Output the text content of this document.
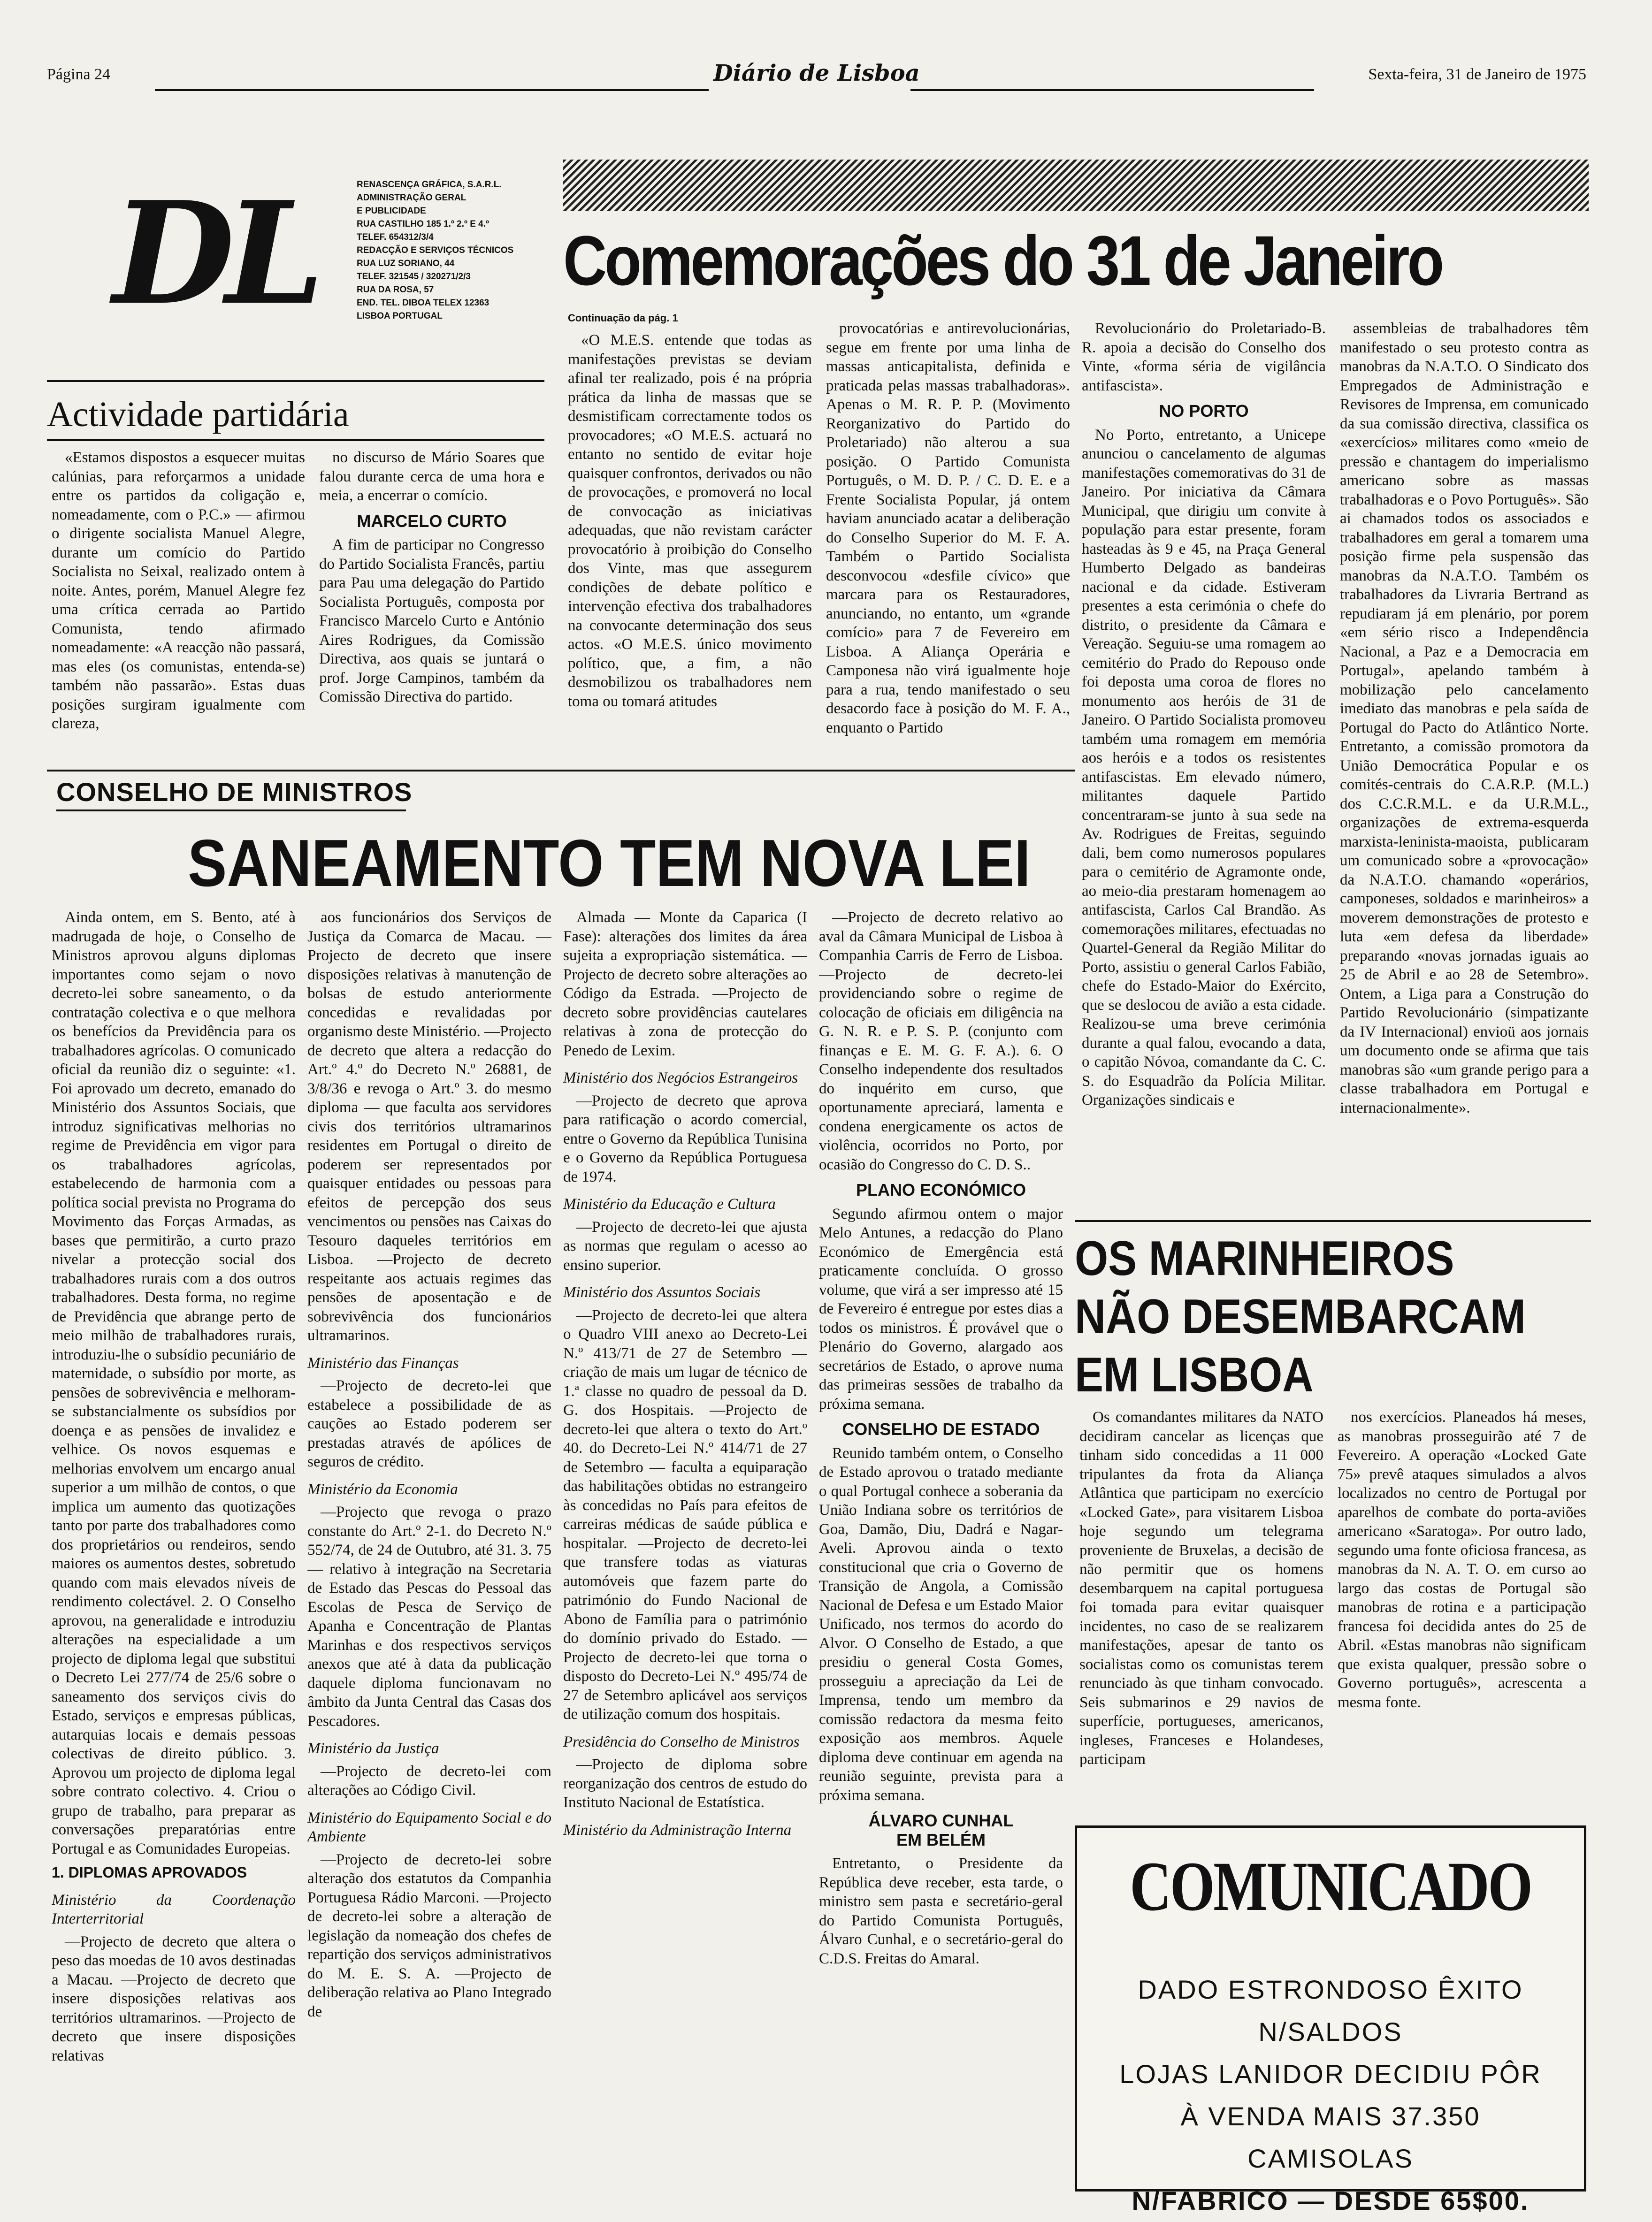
Página 24	Diário de Lisboa	Sexta-feira, 31 de Janeiro de 1975
DL	RENASCENÇA GRÁFICA, S.A.R.L.
ADMINISTRAÇÃO GERAL
E PUBLICIDADE
RUA CASTILHO 185 1.º 2.º E 4.º
TELEF. 654312/3/4
REDACÇÃO E SERVIÇOS TÉCNICOS
RUA LUZ SORIANO, 44
TELEF. 321545 / 320271/2/3
RUA DA ROSA, 57
END. TEL. DIBOA TELEX 12363
LISBOA PORTUGAL
Actividade partidária

«Estamos dispostos a esquecer muitas calúnias, para reforçarmos a unidade entre os partidos da coligação e, nomeadamente, com o P.C.» — afirmou o dirigente socialista Manuel Alegre, durante um comício do Partido Socialista no Seixal, realizado ontem à noite. Antes, porém, Manuel Alegre fez uma crítica cerrada ao Partido Comunista, tendo afirmado nomeadamente: «A reacção não passará, mas eles (os comunistas, entenda-se) também não passarão». Estas duas posições surgiram igualmente com clareza,

no discurso de Mário Soares que falou durante cerca de uma hora e meia, a encerrar o comício.

MARCELO CURTO

A fim de participar no Congresso do Partido Socialista Francês, partiu para Pau uma delegação do Partido Socialista Português, composta por Francisco Marcelo Curto e António Aires Rodrigues, da Comissão Directiva, aos quais se juntará o prof. Jorge Campinos, também da Comissão Directiva do partido.

Comemorações do 31 de Janeiro
Continuação da pág. 1

«O M.E.S. entende que todas as manifestações previstas se deviam afinal ter realizado, pois é na própria prática da linha de massas que se desmistificam correctamente todos os provocadores; «O M.E.S. actuará no entanto no sentido de evitar hoje quaisquer confrontos, derivados ou não de provocações, e promoverá no local de convocação as iniciativas adequadas, que não revistam carácter provocatório à proibição do Conselho dos Vinte, mas que assegurem condições de debate político e intervenção efectiva dos trabalhadores na convocante determinação dos seus actos. «O M.E.S. único movimento político, que, a fim, a não desmobilizou os trabalhadores nem toma ou tomará atitudes

provocatórias e antirevolucionárias, segue em frente por uma linha de massas anticapitalista, definida e praticada pelas massas trabalhadoras». Apenas o M. R. P. P. (Movimento Reorganizativo do Partido do Proletariado) não alterou a sua posição. O Partido Comunista Português, o M. D. P. / C. D. E. e a Frente Socialista Popular, já ontem haviam anunciado acatar a deliberação do Conselho Superior do M. F. A. Também o Partido Socialista desconvocou «desfile cívico» que marcara para os Restauradores, anunciando, no entanto, um «grande comício» para 7 de Fevereiro em Lisboa. A Aliança Operária e Camponesa não virá igualmente hoje para a rua, tendo manifestado o seu desacordo face à posição do M. F. A., enquanto o Partido

Revolucionário do Proletariado-B. R. apoia a decisão do Conselho dos Vinte, «forma séria de vigilância antifascista».

NO PORTO

No Porto, entretanto, a Unicepe anunciou o cancelamento de algumas manifestações comemorativas do 31 de Janeiro. Por iniciativa da Câmara Municipal, que dirigiu um convite à população para estar presente, foram hasteadas às 9 e 45, na Praça General Humberto Delgado as bandeiras nacional e da cidade. Estiveram presentes a esta cerimónia o chefe do distrito, o presidente da Câmara e Vereação. Seguiu-se uma romagem ao cemitério do Prado do Repouso onde foi deposta uma coroa de flores no monumento aos heróis de 31 de Janeiro. O Partido Socialista promoveu também uma romagem em memória aos heróis e a todos os resistentes antifascistas. Em elevado número, militantes daquele Partido concentraram-se junto à sua sede na Av. Rodrigues de Freitas, seguindo dali, bem como numerosos populares para o cemitério de Agramonte onde, ao meio-dia prestaram homenagem ao antifascista, Carlos Cal Brandão. As comemorações militares, efectuadas no Quartel-General da Região Militar do Porto, assistiu o general Carlos Fabião, chefe do Estado-Maior do Exército, que se deslocou de avião a esta cidade. Realizou-se uma breve cerimónia durante a qual falou, evocando a data, o capitão Nóvoa, comandante da C. C. S. do Esquadrão da Polícia Militar. Organizações sindicais e

assembleias de trabalhadores têm manifestado o seu protesto contra as manobras da N.A.T.O. O Sindicato dos Empregados de Administração e Revisores de Imprensa, em comunicado da sua comissão directiva, classifica os «exercícios» militares como «meio de pressão e chantagem do imperialismo americano sobre as massas trabalhadoras e o Povo Português». São ai chamados todos os associados e trabalhadores em geral a tomarem uma posição firme pela suspensão das manobras da N.A.T.O. Também os trabalhadores da Livraria Bertrand as repudiaram já em plenário, por porem «em sério risco a Independência Nacional, a Paz e a Democracia em Portugal», apelando também à mobilização pelo cancelamento imediato das manobras e pela saída de Portugal do Pacto do Atlântico Norte. Entretanto, a comissão promotora da União Democrática Popular e os comités-centrais do C.A.R.P. (M.L.) dos C.C.R.M.L. e da U.R.M.L., organizações de extrema-esquerda marxista-leninista-maoista, publicaram um comunicado sobre a «provocação» da N.A.T.O. chamando «operários, camponeses, soldados e marinheiros» a moverem demonstrações de protesto e luta «em defesa da liberdade» preparando «novas jornadas iguais ao 25 de Abril e ao 28 de Setembro». Ontem, a Liga para a Construção do Partido Revolucionário (simpatizante da IV Internacional) envioü aos jornais um documento onde se afirma que tais manobras são «um grande perigo para a classe trabalhadora em Portugal e internacionalmente».

CONSELHO DE MINISTROS
SANEAMENTO TEM NOVA LEI

Ainda ontem, em S. Bento, até à madrugada de hoje, o Conselho de Ministros aprovou alguns diplomas importantes como sejam o novo decreto-lei sobre saneamento, o da contratação colectiva e o que melhora os benefícios da Previdência para os trabalhadores agrícolas. O comunicado oficial da reunião diz o seguinte: «1. Foi aprovado um decreto, emanado do Ministério dos Assuntos Sociais, que introduz significativas melhorias no regime de Previdência em vigor para os trabalhadores agrícolas, estabelecendo de harmonia com a política social prevista no Programa do Movimento das Forças Armadas, as bases que permitirão, a curto prazo nivelar a protecção social dos trabalhadores rurais com a dos outros trabalhadores. Desta forma, no regime de Previdência que abrange perto de meio milhão de trabalhadores rurais, introduziu-lhe o subsídio pecuniário de maternidade, o subsídio por morte, as pensões de sobrevivência e melhoram-se substancialmente os subsídios por doença e as pensões de invalidez e velhice. Os novos esquemas e melhorias envolvem um encargo anual superior a um milhão de contos, o que implica um aumento das quotizações tanto por parte dos trabalhadores como dos proprietários ou rendeiros, sendo maiores os aumentos destes, sobretudo quando com mais elevados níveis de rendimento colectável. 2. O Conselho aprovou, na generalidade e introduziu alterações na especialidade a um projecto de diploma legal que substitui o Decreto Lei 277/74 de 25/6 sobre o saneamento dos serviços civis do Estado, serviços e empresas públicas, autarquias locais e demais pessoas colectivas de direito público. 3. Aprovou um projecto de diploma legal sobre contrato colectivo. 4. Criou o grupo de trabalho, para preparar as conversações preparatórias entre Portugal e as Comunidades Europeias.

1. DIPLOMAS APROVADOS

Ministério da Coordenação Interterritorial

—Projecto de decreto que altera o peso das moedas de 10 avos destinadas a Macau. —Projecto de decreto que insere disposições relativas aos territórios ultramarinos. —Projecto de decreto que insere disposições relativas

aos funcionários dos Serviços de Justiça da Comarca de Macau. —Projecto de decreto que insere disposições relativas à manutenção de bolsas de estudo anteriormente concedidas e revalidadas por organismo deste Ministério. —Projecto de decreto que altera a redacção do Art.º 4.º do Decreto N.º 26881, de 3/8/36 e revoga o Art.º 3. do mesmo diploma — que faculta aos servidores civis dos territórios ultramarinos residentes em Portugal o direito de poderem ser representados por quaisquer entidades ou pessoas para efeitos de percepção dos seus vencimentos ou pensões nas Caixas do Tesouro daqueles territórios em Lisboa. —Projecto de decreto respeitante aos actuais regimes das pensões de aposentação e de sobrevivência dos funcionários ultramarinos.

Ministério das Finanças

—Projecto de decreto-lei que estabelece a possibilidade de as cauções ao Estado poderem ser prestadas através de apólices de seguros de crédito.

Ministério da Economia

—Projecto que revoga o prazo constante do Art.º 2-1. do Decreto N.º 552/74, de 24 de Outubro, até 31. 3. 75 — relativo à integração na Secretaria de Estado das Pescas do Pessoal das Escolas de Pesca de Serviço de Apanha e Concentração de Plantas Marinhas e dos respectivos serviços anexos que até à data da publicação daquele diploma funcionavam no âmbito da Junta Central das Casas dos Pescadores.

Ministério da Justiça

—Projecto de decreto-lei com alterações ao Código Civil.

Ministério do Equipamento Social e do Ambiente

—Projecto de decreto-lei sobre alteração dos estatutos da Companhia Portuguesa Rádio Marconi. —Projecto de decreto-lei sobre a alteração de legislação da nomeação dos chefes de repartição dos serviços administrativos do M. E. S. A. —Projecto de deliberação relativa ao Plano Integrado de

Almada — Monte da Caparica (I Fase): alterações dos limites da área sujeita a expropriação sistemática. —Projecto de decreto sobre alterações ao Código da Estrada. —Projecto de decreto sobre providências cautelares relativas à zona de protecção do Penedo de Lexim.

Ministério dos Negócios Estrangeiros

—Projecto de decreto que aprova para ratificação o acordo comercial, entre o Governo da República Tunisina e o Governo da República Portuguesa de 1974.

Ministério da Educação e Cultura

—Projecto de decreto-lei que ajusta as normas que regulam o acesso ao ensino superior.

Ministério dos Assuntos Sociais

—Projecto de decreto-lei que altera o Quadro VIII anexo ao Decreto-Lei N.º 413/71 de 27 de Setembro — criação de mais um lugar de técnico de 1.ª classe no quadro de pessoal da D. G. dos Hospitais. —Projecto de decreto-lei que altera o texto do Art.º 40. do Decreto-Lei N.º 414/71 de 27 de Setembro — faculta a equiparação das habilitações obtidas no estrangeiro às concedidas no País para efeitos de carreiras médicas de saúde pública e hospitalar. —Projecto de decreto-lei que transfere todas as viaturas automóveis que fazem parte do património do Fundo Nacional de Abono de Família para o património do domínio privado do Estado. —Projecto de decreto-lei que torna o disposto do Decreto-Lei N.º 495/74 de 27 de Setembro aplicável aos serviços de utilização comum dos hospitais.

Presidência do Conselho de Ministros

—Projecto de diploma sobre reorganização dos centros de estudo do Instituto Nacional de Estatística.

Ministério da Administração Interna

—Projecto de decreto relativo ao aval da Câmara Municipal de Lisboa à Companhia Carris de Ferro de Lisboa. —Projecto de decreto-lei providenciando sobre o regime de colocação de oficiais em diligência na G. N. R. e P. S. P. (conjunto com finanças e E. M. G. F. A.). 6. O Conselho independente dos resultados do inquérito em curso, que oportunamente apreciará, lamenta e condena energicamente os actos de violência, ocorridos no Porto, por ocasião do Congresso do C. D. S..

PLANO ECONÓMICO

Segundo afirmou ontem o major Melo Antunes, a redacção do Plano Económico de Emergência está praticamente concluída. O grosso volume, que virá a ser impresso até 15 de Fevereiro é entregue por estes dias a todos os ministros. É provável que o Plenário do Governo, alargado aos secretários de Estado, o aprove numa das primeiras sessões de trabalho da próxima semana.

CONSELHO DE ESTADO

Reunido também ontem, o Conselho de Estado aprovou o tratado mediante o qual Portugal conhece a soberania da União Indiana sobre os territórios de Goa, Damão, Diu, Dadrá e Nagar-Aveli. Aprovou ainda o texto constitucional que cria o Governo de Transição de Angola, a Comissão Nacional de Defesa e um Estado Maior Unificado, nos termos do acordo do Alvor. O Conselho de Estado, a que presidiu o general Costa Gomes, prosseguiu a apreciação da Lei de Imprensa, tendo um membro da comissão redactora da mesma feito exposição aos membros. Aquele diploma deve continuar em agenda na reunião seguinte, prevista para a próxima semana.

ÁLVARO CUNHAL
EM BELÉM

Entretanto, o Presidente da República deve receber, esta tarde, o ministro sem pasta e secretário-geral do Partido Comunista Português, Álvaro Cunhal, e o secretário-geral do C.D.S. Freitas do Amaral.

OS MARINHEIROS
NÃO DESEMBARCAM
EM LISBOA

Os comandantes militares da NATO decidiram cancelar as licenças que tinham sido concedidas a 11 000 tripulantes da frota da Aliança Atlântica que participam no exercício «Locked Gate», para visitarem Lisboa hoje segundo um telegrama proveniente de Bruxelas, a decisão de não permitir que os homens desembarquem na capital portuguesa foi tomada para evitar quaisquer incidentes, no caso de se realizarem manifestações, apesar de tanto os socialistas como os comunistas terem renunciado às que tinham convocado. Seis submarinos e 29 navios de superfície, portugueses, americanos, ingleses, Franceses e Holandeses, participam

nos exercícios. Planeados há meses, as manobras prosseguirão até 7 de Fevereiro. A operação «Locked Gate 75» prevê ataques simulados a alvos localizados no centro de Portugal por aparelhos de combate do porta-aviões americano «Saratoga». Por outro lado, segundo uma fonte oficiosa francesa, as manobras da N. A. T. O. em curso ao largo das costas de Portugal são manobras de rotina e a participação francesa foi decidida antes do 25 de Abril. «Estas manobras não significam que exista qualquer, pressão sobre o Governo português», acrescenta a mesma fonte.

COMUNICADO
DADO ESTRONDOSO ÊXITO N/SALDOS
LOJAS LANIDOR DECIDIU PÔR
À VENDA MAIS 37.350 CAMISOLAS
N/FABRICO — DESDE 65$00.
